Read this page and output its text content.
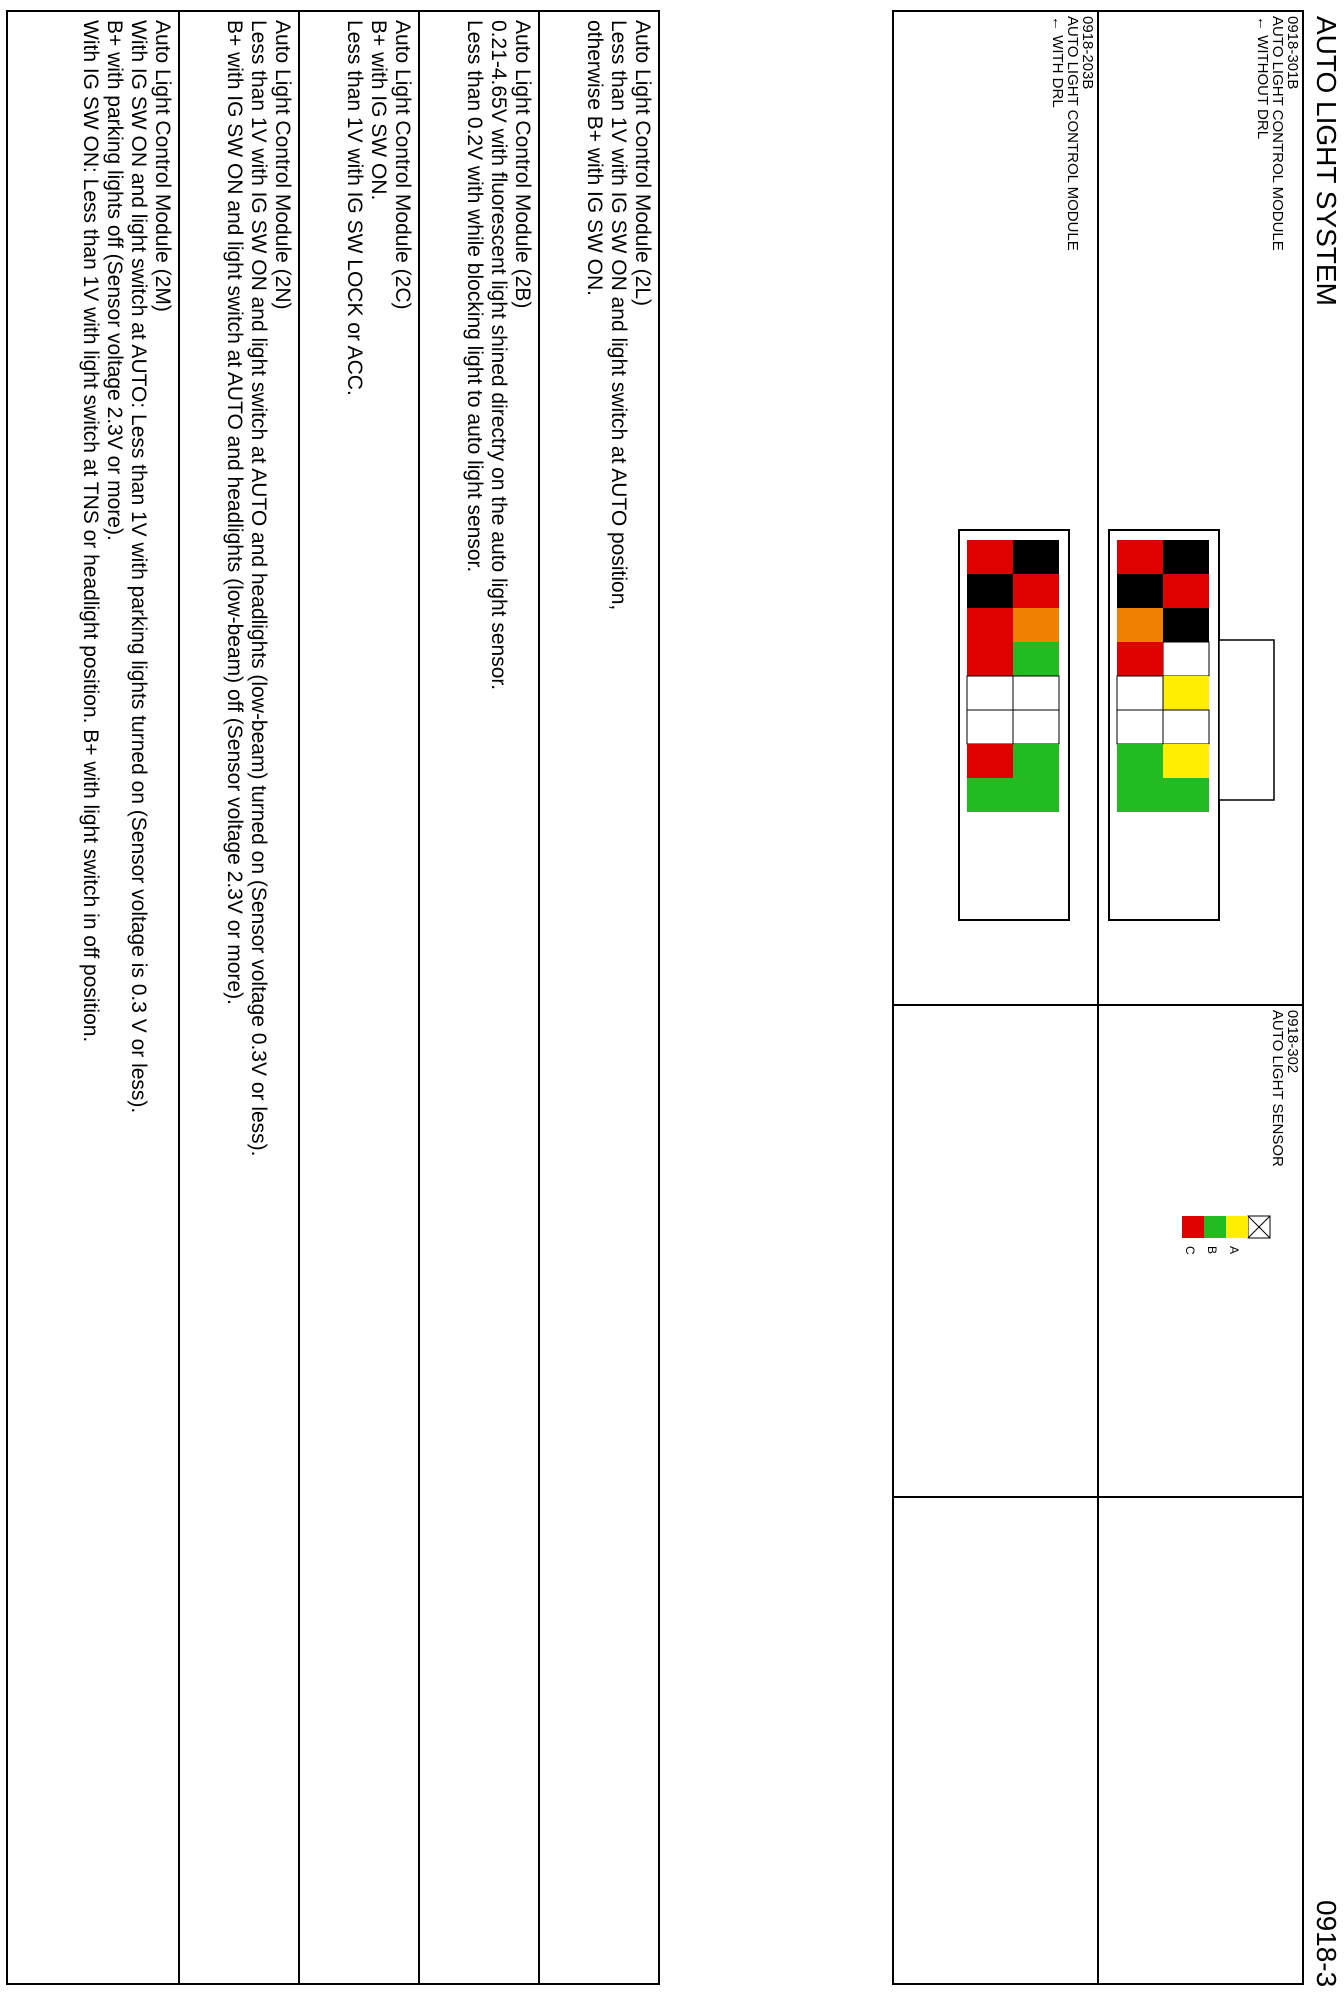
AUTO LIGHT SYSTEM
0918-3
0918-301B
AUTO LIGHT CONTROL MODULE
← WITHOUT DRL

0918-302
AUTO LIGHT SENSOR

0918-203B
AUTO LIGHT CONTROL MODULE
← WITH DRL

A
B
C
Auto Light Control Module (2L)
Less than 1V with IG SW ON and light switch at AUTO position,
otherwise B+ with IG SW ON.
Auto Light Control Module (2B)
0.21-4.65V with fluorescent light shined directry on the auto light sensor.
Less than 0.2V with while blocking light to auto light sensor.
Auto Light Control Module (2C)
B+ with IG SW ON.
Less than 1V with IG SW LOCK or ACC.
Auto Light Control Module (2N)
Less than 1V with IG SW ON and light switch at AUTO and headlights (low-beam) turned on (Sensor voltage 0.3V or less).
B+ with IG SW ON and light switch at AUTO and headlights (low-beam) off (Sensor voltage 2.3V or more).
Auto Light Control Module (2M)
With IG SW ON and light switch at AUTO: Less than 1V with parking lights turned on (Sensor voltage is 0.3 V or less).
B+ with parking lights off (Sensor voltage 2.3V or more).
With IG SW ON: Less than 1V with light switch at TNS or headlight position. B+ with light switch in off position.
